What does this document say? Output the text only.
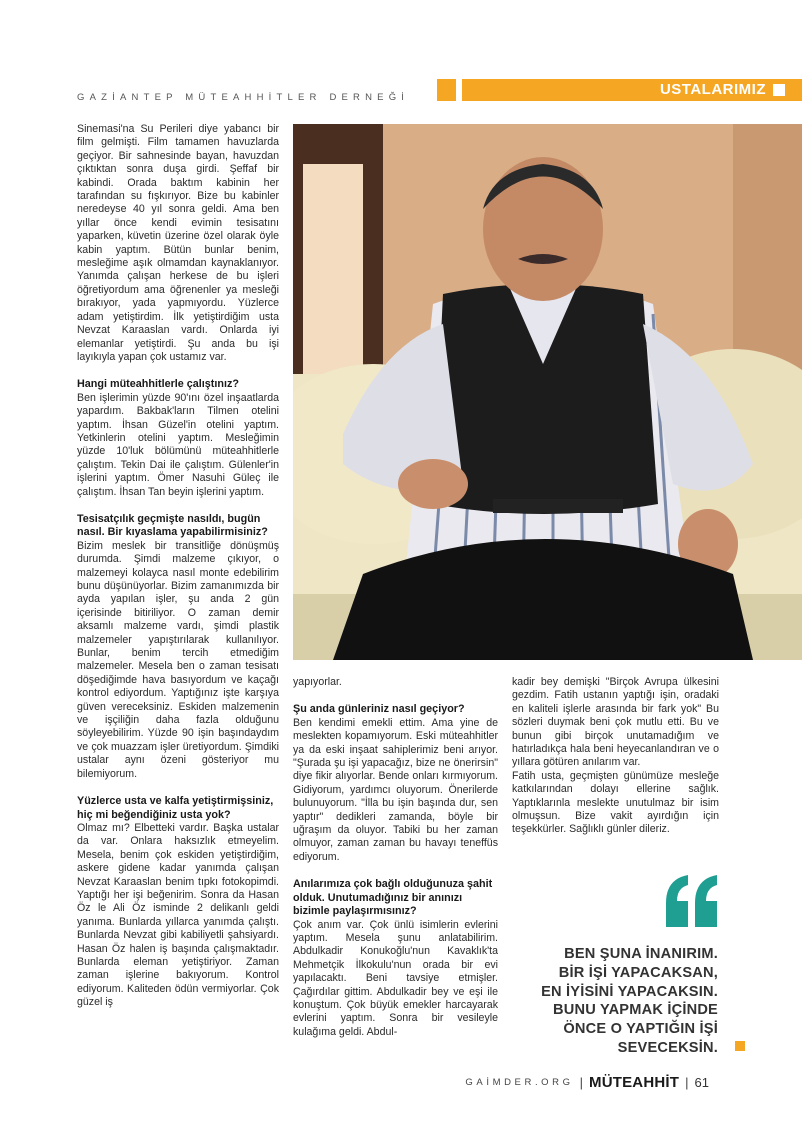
GAZİANTEP MÜTEAHHİTLER DERNEĞİ	USTALARIMIZ

Sinemasi'na Su Perileri diye yabancı bir film gelmişti. Film tamamen havuzlarda geçiyor. Bir sahnesinde bayan, havuzdan çıktıktan sonra duşa girdi. Şeffaf bir kabindi. Orada baktım kabinin her tarafından su fışkırıyor. Bize bu kabinler neredeyse 40 yıl sonra geldi. Ama ben yıllar önce kendi evimin tesisatını yaparken, küvetin üzerine özel olarak öyle kabin yaptım. Bütün bunlar benim, mesleğime aşık olmamdan kaynaklanıyor. Yanımda çalışan herkese de bu işleri öğretiyordum ama öğrenenler ya mesleği bırakıyor, yada yapmıyordu. Yüzlerce adam yetiştirdim. İlk yetiştirdiğim usta Nevzat Karaaslan vardı. Onlarda iyi elemanlar yetiştirdi. Şu anda bu işi layıkıyla yapan çok ustamız var.

Hangi müteahhitlerle çalıştınız?

Ben işlerimin yüzde 90'ını özel inşaatlarda yapardım. Bakbak'ların Tilmen otelini yaptım. İhsan Güzel'in otelini yaptım. Yetkinlerin otelini yaptım. Mesleğimin yüzde 10'luk bölümünü müteahhitlerle çalıştım. Tekin Dai ile çalıştım. Gülenler'in işlerini yaptım. Ömer Nasuhi Güleç ile çalıştım. İhsan Tan beyin işlerini yaptım.

Tesisatçılık geçmişte nasıldı, bugün nasıl. Bir kıyaslama yapabilirmisiniz?

Bizim meslek bir transitliğe dönüşmüş durumda. Şimdi malzeme çıkıyor, o malzemeyi kolayca nasıl monte edebilirim bunu düşünüyorlar. Bizim zamanımızda bir ayda yapılan işler, şu anda 2 gün içerisinde bitiriliyor. O zaman demir aksamlı malzeme vardı, şimdi plastik malzemeler yapıştırılarak kullanılıyor. Bunlar, benim tercih etmediğim malzemeler. Mesela ben o zaman tesisatı döşediğimde hava basıyordum ve kaçağı kontrol ediyordum. Yaptığınız işte karşıya güven vereceksiniz. Eskiden malzemenin ve işçiliğin daha fazla olduğunu söyleyebilirim. Yüzde 90 işin başındaydım ve çok muazzam işler üretiyordum. Şimdiki ustalar aynı özeni gösteriyor mu bilemiyorum.

Yüzlerce usta ve kalfa yetiştirmişsiniz, hiç mi beğendiğiniz usta yok?

Olmaz mı? Elbetteki vardır. Başka ustalar da var. Onlara haksızlık etmeyelim. Mesela, benim çok eskiden yetiştirdiğim, askere gidene kadar yanımda çalışan Nevzat Karaaslan benim tıpkı fotokopimdi. Yaptığı her işi beğenirim. Sonra da Hasan Öz le Ali Öz isminde 2 delikanlı geldi yanıma. Bunlarda yıllarca yanımda çalıştı. Bunlarda Nevzat gibi kabiliyetli şahsiyardı. Hasan Öz halen iş başında çalışmaktadır. Bunlarda eleman yetiştiriyor. Zaman zaman işlerine bakıyorum. Kontrol ediyorum. Kaliteden ödün vermiyorlar. Çok güzel iş

yapıyorlar.

Şu anda günleriniz nasıl geçiyor?

Ben kendimi emekli ettim. Ama yine de meslekten kopamıyorum. Eski müteahhitler ya da eski inşaat sahiplerimiz beni arıyor. "Şurada şu işi yapacağız, bize ne önerirsin" diye fikir alıyorlar. Bende onları kırmıyorum. Gidiyorum, yardımcı oluyorum. Önerilerde bulunuyorum. "İlla bu işin başında dur, sen yaptır" dedikleri zamanda, böyle bir uğraşım da oluyor. Tabiki bu her zaman olmuyor, zaman zaman bu havayı teneffüs ediyorum.

Anılarımıza çok bağlı olduğunuza şahit olduk. Unutumadığınız bir anınızı bizimle paylaşırmısınız?

Çok anım var. Çok ünlü isimlerin evlerini yaptım. Mesela şunu anlatabilirim. Abdulkadir Konukoğlu'nun Kavaklık'ta Mehmetçik İlkokulu'nun orada bir evi yapılacaktı. Beni tavsiye etmişler. Çağırdılar gittim. Abdulkadir bey ve eşi ile konuştum. Çok büyük emekler harcayarak evlerini yaptım. Sonra bir vesileyle kulağıma geldi. Abdul-

kadir bey demişki "Birçok Avrupa ülkesini gezdim. Fatih ustanın yaptığı işin, oradaki en kaliteli işlerle arasında bir fark yok" Bu sözleri duymak beni çok mutlu etti. Bu ve bunun gibi birçok unutamadığım ve hatırladıkça hala beni heyecanlandıran ve o yıllara götüren anılarım var.

Fatih usta, geçmişten günümüze mesleğe katkılarından dolayı ellerine sağlık. Yaptıklarınla meslekte unutulmaz bir isim olmuşsun. Bize vakit ayırdığın için teşekkürler. Sağlıklı günler dileriz.

BEN ŞUNA İNANIRIM. BİR İŞİ YAPACAKSAN, EN İYİSİNİ YAPACAKSIN. BUNU YAPMAK İÇİNDE ÖNCE O YAPTIĞIN İŞİ SEVECEKSİN.
GAİMDER.ORG | MÜTEAHHİT | 61
